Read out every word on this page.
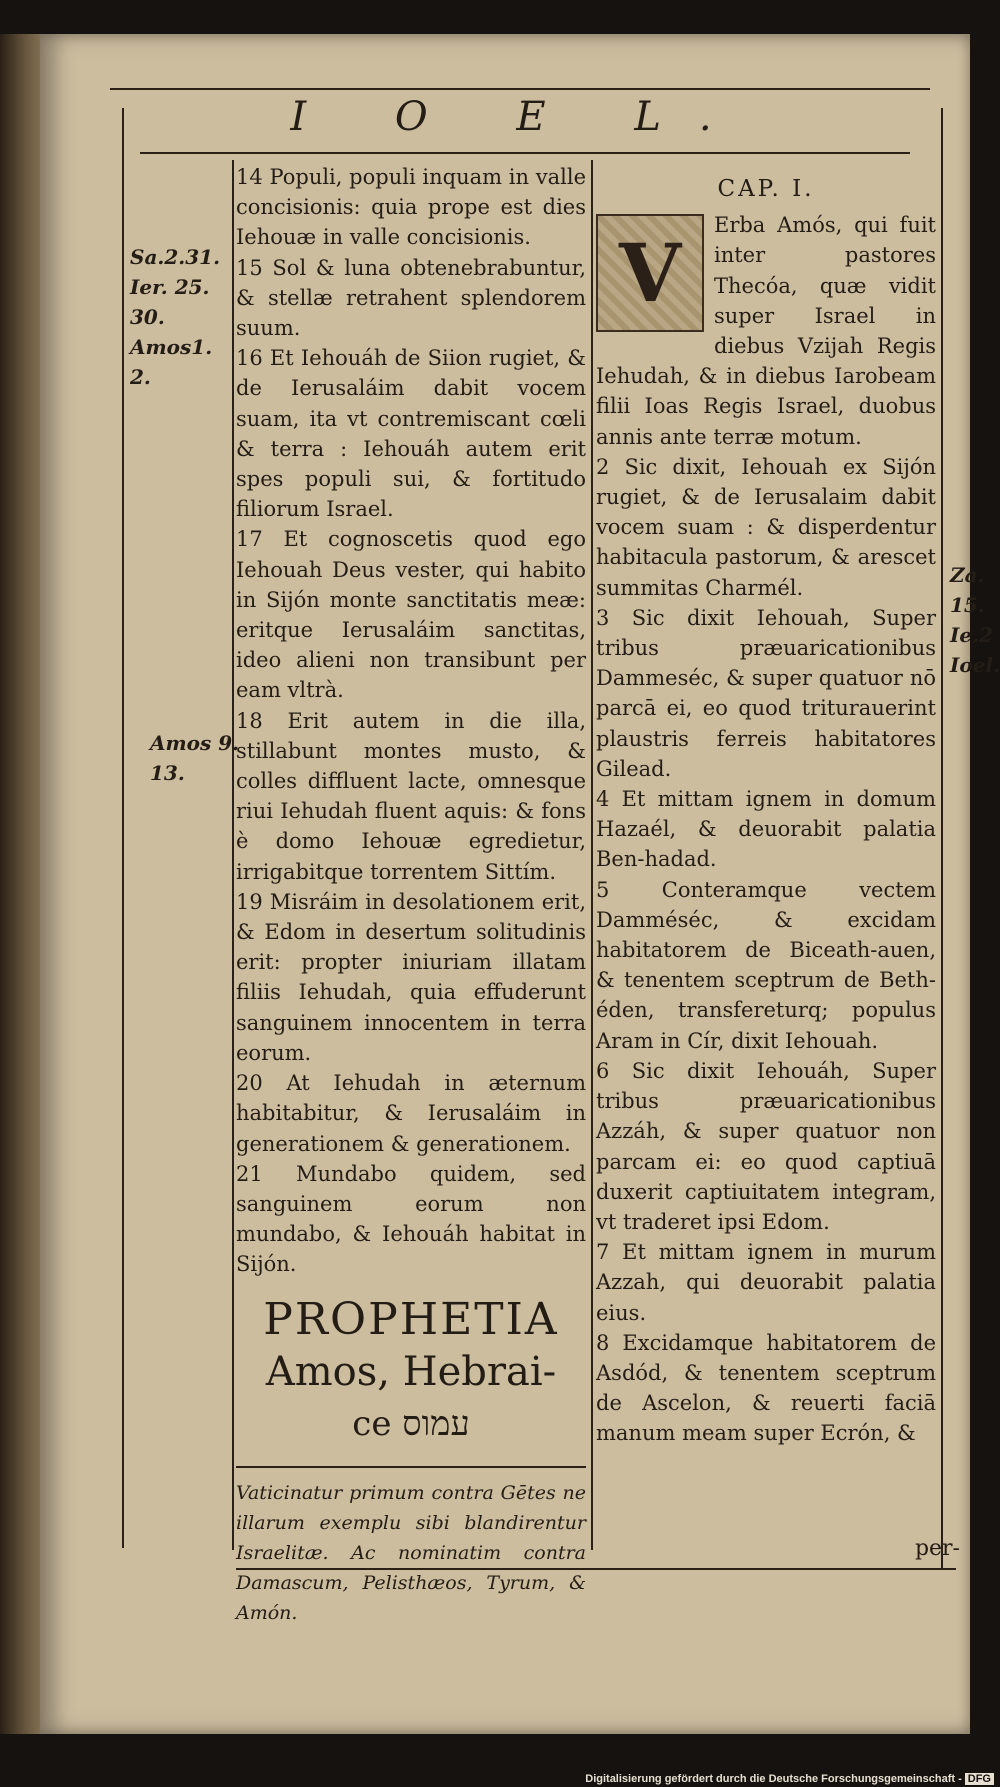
I O E L.
Sa.2.31.
Ier. 25.
30.
Amos1.
2.
Amos 9.
13.
Za.
15.
Ie.2
Ioel.

14 Populi, populi inquam in valle concisionis: quia prope est dies Iehouæ in valle concisionis.

15 Sol & luna obtenebrabuntur, & stellæ retrahent splendorem suum.

16 Et Iehouáh de Siion rugiet, & de Ierusaláim dabit vocem suam, ita vt contremiscant cœli & terra : Iehouáh autem erit spes populi sui, & fortitudo filiorum Israel.

17 Et cognoscetis quod ego Iehouah Deus vester, qui habito in Sijón monte sanctitatis meæ: eritque Ierusaláim sanctitas, ideo alieni non transibunt per eam vltrà.

18 Erit autem in die illa, stillabunt montes musto, & colles diffluent lacte, omnesque riui Iehudah fluent aquis: & fons è domo Iehouæ egredietur, irrigabitque torrentem Sittím.

19 Misráim in desolationem erit, & Edom in desertum solitudinis erit: propter iniuriam illatam filiis Iehudah, quia effuderunt sanguinem innocentem in terra eorum.

20 At Iehudah in æternum habitabitur, & Ierusaláim in generationem & generationem.

21 Mundabo quidem, sed sanguinem eorum non mundabo, & Iehouáh habitat in Sijón.

PROPHETIA
Amos, Hebrai-
ce עמוס
Vaticinatur primum contra Gētes ne illarum exemplu sibi blandirentur Israelitæ. Ac nominatim contra Damascum, Pelisthæos, Tyrum, & Amón.
CAP. I.
V

Erba Amós, qui fuit inter pastores Thecóa, quæ vidit super Israel in diebus Vzijah Regis Iehudah, & in diebus Iarobeam filii Ioas Regis Israel, duobus annis ante terræ motum.

2 Sic dixit, Iehouah ex Sijón rugiet, & de Ierusalaim dabit vocem suam : & disperdentur habitacula pastorum, & arescet summitas Charmél.

3 Sic dixit Iehouah, Super tribus præuaricationibus Dammeséc, & super quatuor nō parcā ei, eo quod triturauerint plaustris ferreis habitatores Gilead.

4 Et mittam ignem in domum Hazaél, & deuorabit palatia Ben-hadad.

5 Conteramque vectem Damméséc, & excidam habitatorem de Biceath-auen, & tenentem sceptrum de Beth-éden, transfereturq; populus Aram in Cír, dixit Iehouah.

6 Sic dixit Iehouáh, Super tribus præuaricationibus Azzáh, & super quatuor non parcam ei: eo quod captiuā duxerit captiuitatem integram, vt traderet ipsi Edom.

7 Et mittam ignem in murum Azzah, qui deuorabit palatia eius.

8 Excidamque habitatorem de Asdód, & tenentem sceptrum de Ascelon, & reuerti faciā manum meam super Ecrón, &

per-
Digitalisierung gefördert durch die Deutsche Forschungsgemeinschaft - DFG
